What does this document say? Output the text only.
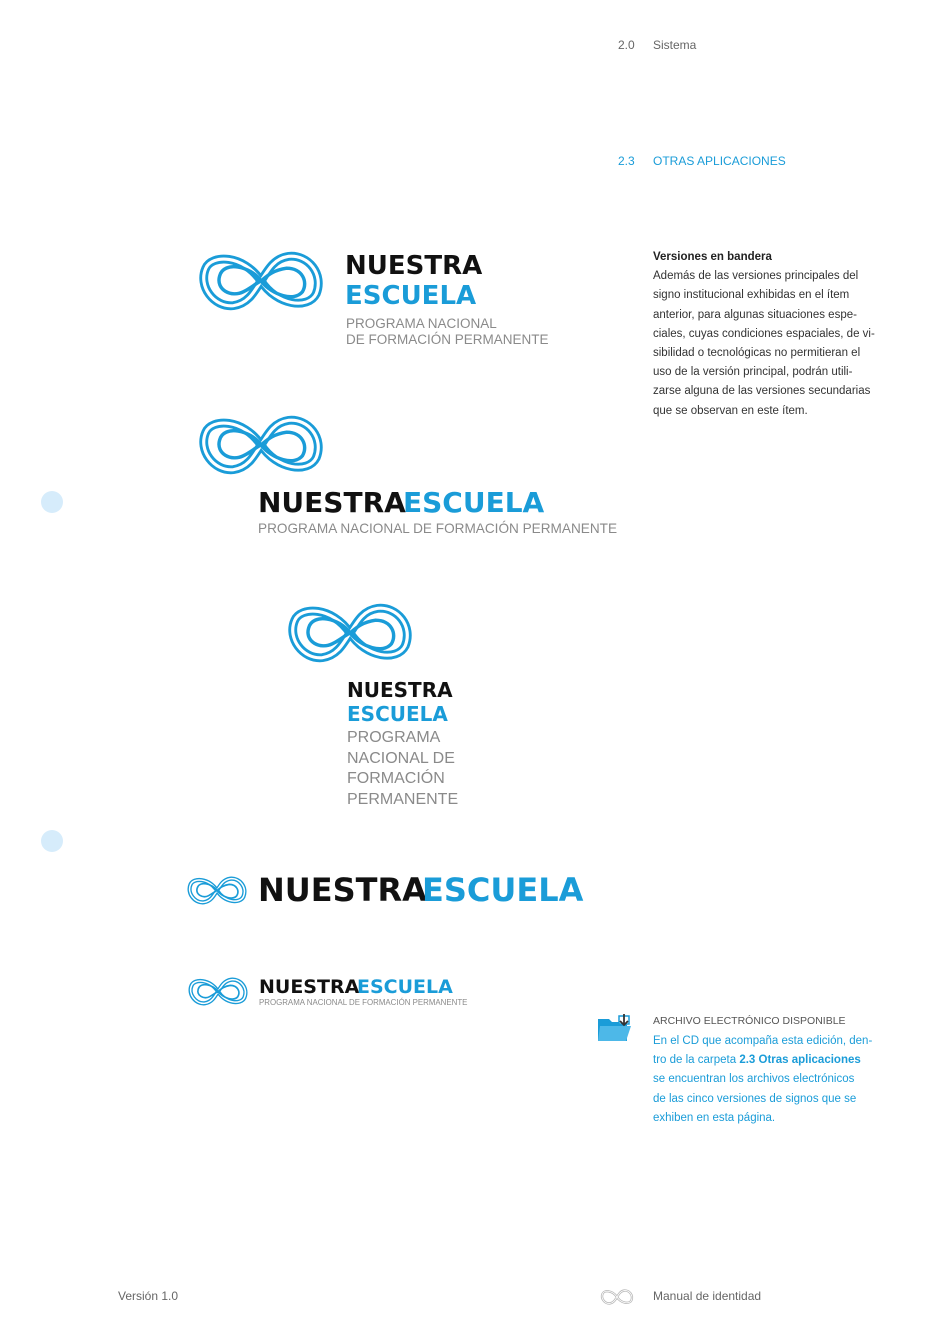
2.0 Sistema
2.3 OTRAS APLICACIONES
NUESTRA
ESCUELA
PROGRAMA NACIONAL
DE FORMACIÓN PERMANENTE
NUESTRA
ESCUELA
PROGRAMA NACIONAL DE FORMACIÓN PERMANENTE
NUESTRA
ESCUELA
PROGRAMA
NACIONAL DE
FORMACIÓN
PERMANENTE
NUESTRA
ESCUELA
NUESTRA
ESCUELA
PROGRAMA NACIONAL DE FORMACIÓN PERMANENTE
Versiones en bandera
Además de las versiones principales del
signo institucional exhibidas en el ítem
anterior, para algunas situaciones espe-
ciales, cuyas condiciones espaciales, de vi-
sibilidad o tecnológicas no permitieran el
uso de la versión principal, podrán utili-
zarse alguna de las versiones secundarias
que se observan en este ítem.
ARCHIVO ELECTRÓNICO DISPONIBLE
En el CD que acompaña esta edición, den-
tro de la carpeta 2.3 Otras aplicaciones
se encuentran los archivos electrónicos
de las cinco versiones de signos que se
exhiben en esta página.
Versión 1.0	Manual de identidad
